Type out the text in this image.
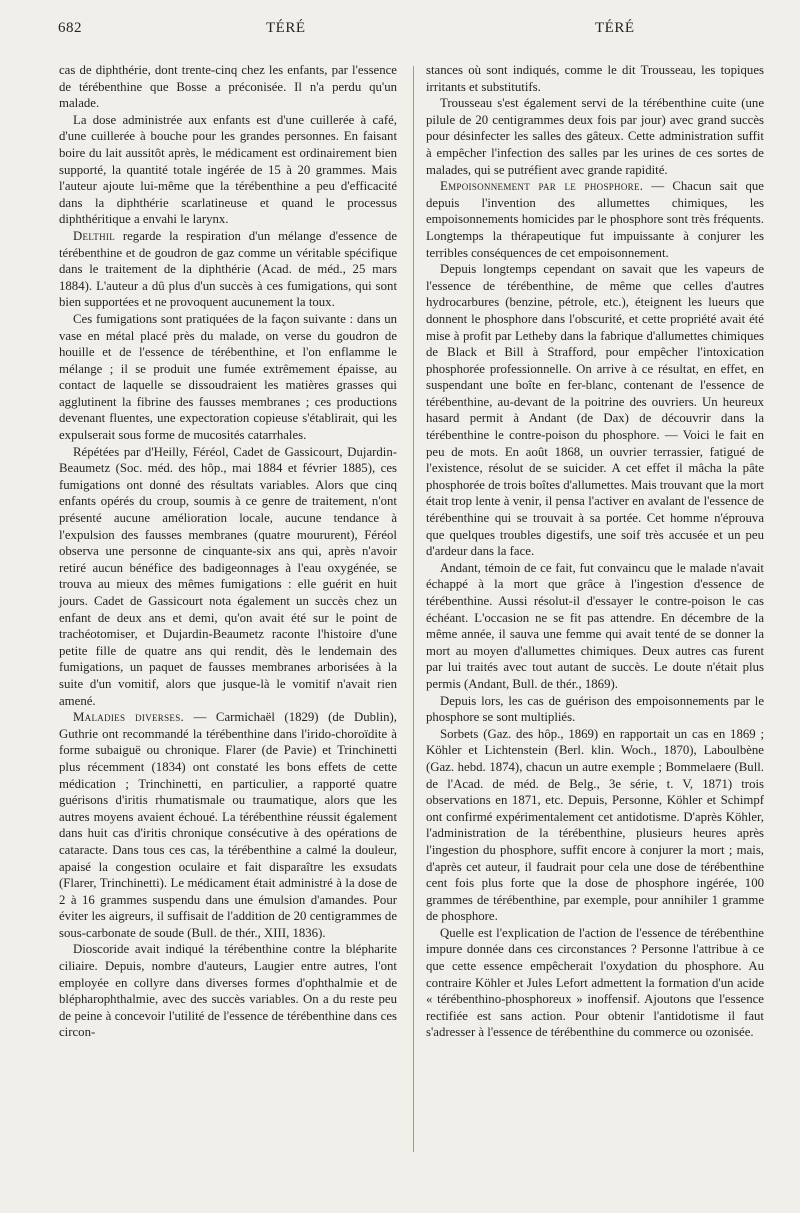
682	TÉRÉ	TÉRÉ

cas de diphthérie, dont trente-cinq chez les enfants, par l'essence de térébenthine que Bosse a préconisée. Il n'a perdu qu'un malade.

La dose administrée aux enfants est d'une cuillerée à café, d'une cuillerée à bouche pour les grandes personnes. En faisant boire du lait aussitôt après, le médicament est ordinairement bien supporté, la quantité totale ingérée de 15 à 20 grammes. Mais l'auteur ajoute lui-même que la térébenthine a peu d'efficacité dans la diphthérie scarlatineuse et quand le processus diphthéritique a envahi le larynx.

Delthil regarde la respiration d'un mélange d'essence de térébenthine et de goudron de gaz comme un véritable spécifique dans le traitement de la diphthérie (Acad. de méd., 25 mars 1884). L'auteur a dû plus d'un succès à ces fumigations, qui sont bien supportées et ne provoquent aucunement la toux.

Ces fumigations sont pratiquées de la façon suivante : dans un vase en métal placé près du malade, on verse du goudron de houille et de l'essence de térébenthine, et l'on enflamme le mélange ; il se produit une fumée extrêmement épaisse, au contact de laquelle se dissoudraient les matières grasses qui agglutinent la fibrine des fausses membranes ; ces productions devenant fluentes, une expectoration copieuse s'établirait, qui les expulserait sous forme de mucosités catarrhales.

Répétées par d'Heilly, Féréol, Cadet de Gassicourt, Dujardin-Beaumetz (Soc. méd. des hôp., mai 1884 et février 1885), ces fumigations ont donné des résultats variables. Alors que cinq enfants opérés du croup, soumis à ce genre de traitement, n'ont présenté aucune amélioration locale, aucune tendance à l'expulsion des fausses membranes (quatre moururent), Féréol observa une personne de cinquante-six ans qui, après n'avoir retiré aucun bénéfice des badigeonnages à l'eau oxygénée, se trouva au mieux des mêmes fumigations : elle guérit en huit jours. Cadet de Gassicourt nota également un succès chez un enfant de deux ans et demi, qu'on avait été sur le point de trachéotomiser, et Dujardin-Beaumetz raconte l'histoire d'une petite fille de quatre ans qui rendit, dès le lendemain des fumigations, un paquet de fausses membranes arborisées à la suite d'un vomitif, alors que jusque-là le vomitif n'avait rien amené.

Maladies diverses. — Carmichaël (1829) (de Dublin), Guthrie ont recommandé la térébenthine dans l'irido-choroïdite à forme subaiguë ou chronique. Flarer (de Pavie) et Trinchinetti plus récemment (1834) ont constaté les bons effets de cette médication ; Trinchinetti, en particulier, a rapporté quatre guérisons d'iritis rhumatismale ou traumatique, alors que les autres moyens avaient échoué. La térébenthine réussit également dans huit cas d'iritis chronique consécutive à des opérations de cataracte. Dans tous ces cas, la térébenthine a calmé la douleur, apaisé la congestion oculaire et fait disparaître les exsudats (Flarer, Trinchinetti). Le médicament était administré à la dose de 2 à 16 grammes suspendu dans une émulsion d'amandes. Pour éviter les aigreurs, il suffisait de l'addition de 20 centigrammes de sous-carbonate de soude (Bull. de thér., XIII, 1836).

Dioscoride avait indiqué la térébenthine contre la blépharite ciliaire. Depuis, nombre d'auteurs, Laugier entre autres, l'ont employée en collyre dans diverses formes d'ophthalmie et de blépharophthalmie, avec des succès variables. On a du reste peu de peine à concevoir l'utilité de l'essence de térébenthine dans ces circon-

stances où sont indiqués, comme le dit Trousseau, les topiques irritants et substitutifs.

Trousseau s'est également servi de la térébenthine cuite (une pilule de 20 centigrammes deux fois par jour) avec grand succès pour désinfecter les salles des gâteux. Cette administration suffit à empêcher l'infection des salles par les urines de ces sortes de malades, qui se putréfient avec grande rapidité.

Empoisonnement par le phosphore. — Chacun sait que depuis l'invention des allumettes chimiques, les empoisonnements homicides par le phosphore sont très fréquents. Longtemps la thérapeutique fut impuissante à conjurer les terribles conséquences de cet empoisonnement.

Depuis longtemps cependant on savait que les vapeurs de l'essence de térébenthine, de même que celles d'autres hydrocarbures (benzine, pétrole, etc.), éteignent les lueurs que donnent le phosphore dans l'obscurité, et cette propriété avait été mise à profit par Letheby dans la fabrique d'allumettes chimiques de Black et Bill à Strafford, pour empêcher l'intoxication phosphorée professionnelle. On arrive à ce résultat, en effet, en suspendant une boîte en fer-blanc, contenant de l'essence de térébenthine, au-devant de la poitrine des ouvriers. Un heureux hasard permit à Andant (de Dax) de découvrir dans la térébenthine le contre-poison du phosphore. — Voici le fait en peu de mots. En août 1868, un ouvrier terrassier, fatigué de l'existence, résolut de se suicider. A cet effet il mâcha la pâte phosphorée de trois boîtes d'allumettes. Mais trouvant que la mort était trop lente à venir, il pensa l'activer en avalant de l'essence de térébenthine qui se trouvait à sa portée. Cet homme n'éprouva que quelques troubles digestifs, une soif très accusée et un peu d'ardeur dans la face.

Andant, témoin de ce fait, fut convaincu que le malade n'avait échappé à la mort que grâce à l'ingestion d'essence de térébenthine. Aussi résolut-il d'essayer le contre-poison le cas échéant. L'occasion ne se fit pas attendre. En décembre de la même année, il sauva une femme qui avait tenté de se donner la mort au moyen d'allumettes chimiques. Deux autres cas furent par lui traités avec tout autant de succès. Le doute n'était plus permis (Andant, Bull. de thér., 1869).

Depuis lors, les cas de guérison des empoisonnements par le phosphore se sont multipliés.

Sorbets (Gaz. des hôp., 1869) en rapportait un cas en 1869 ; Köhler et Lichtenstein (Berl. klin. Woch., 1870), Laboulbène (Gaz. hebd. 1874), chacun un autre exemple ; Bommelaere (Bull. de l'Acad. de méd. de Belg., 3e série, t. V, 1871) trois observations en 1871, etc. Depuis, Personne, Köhler et Schimpf ont confirmé expérimentalement cet antidotisme. D'après Köhler, l'administration de la térébenthine, plusieurs heures après l'ingestion du phosphore, suffit encore à conjurer la mort ; mais, d'après cet auteur, il faudrait pour cela une dose de térébenthine cent fois plus forte que la dose de phosphore ingérée, 100 grammes de térébenthine, par exemple, pour annihiler 1 gramme de phosphore.

Quelle est l'explication de l'action de l'essence de térébenthine impure donnée dans ces circonstances ? Personne l'attribue à ce que cette essence empêcherait l'oxydation du phosphore. Au contraire Köhler et Jules Lefort admettent la formation d'un acide « térébenthino-phosphoreux » inoffensif. Ajoutons que l'essence rectifiée est sans action. Pour obtenir l'antidotisme il faut s'adresser à l'essence de térébenthine du commerce ou ozonisée.
